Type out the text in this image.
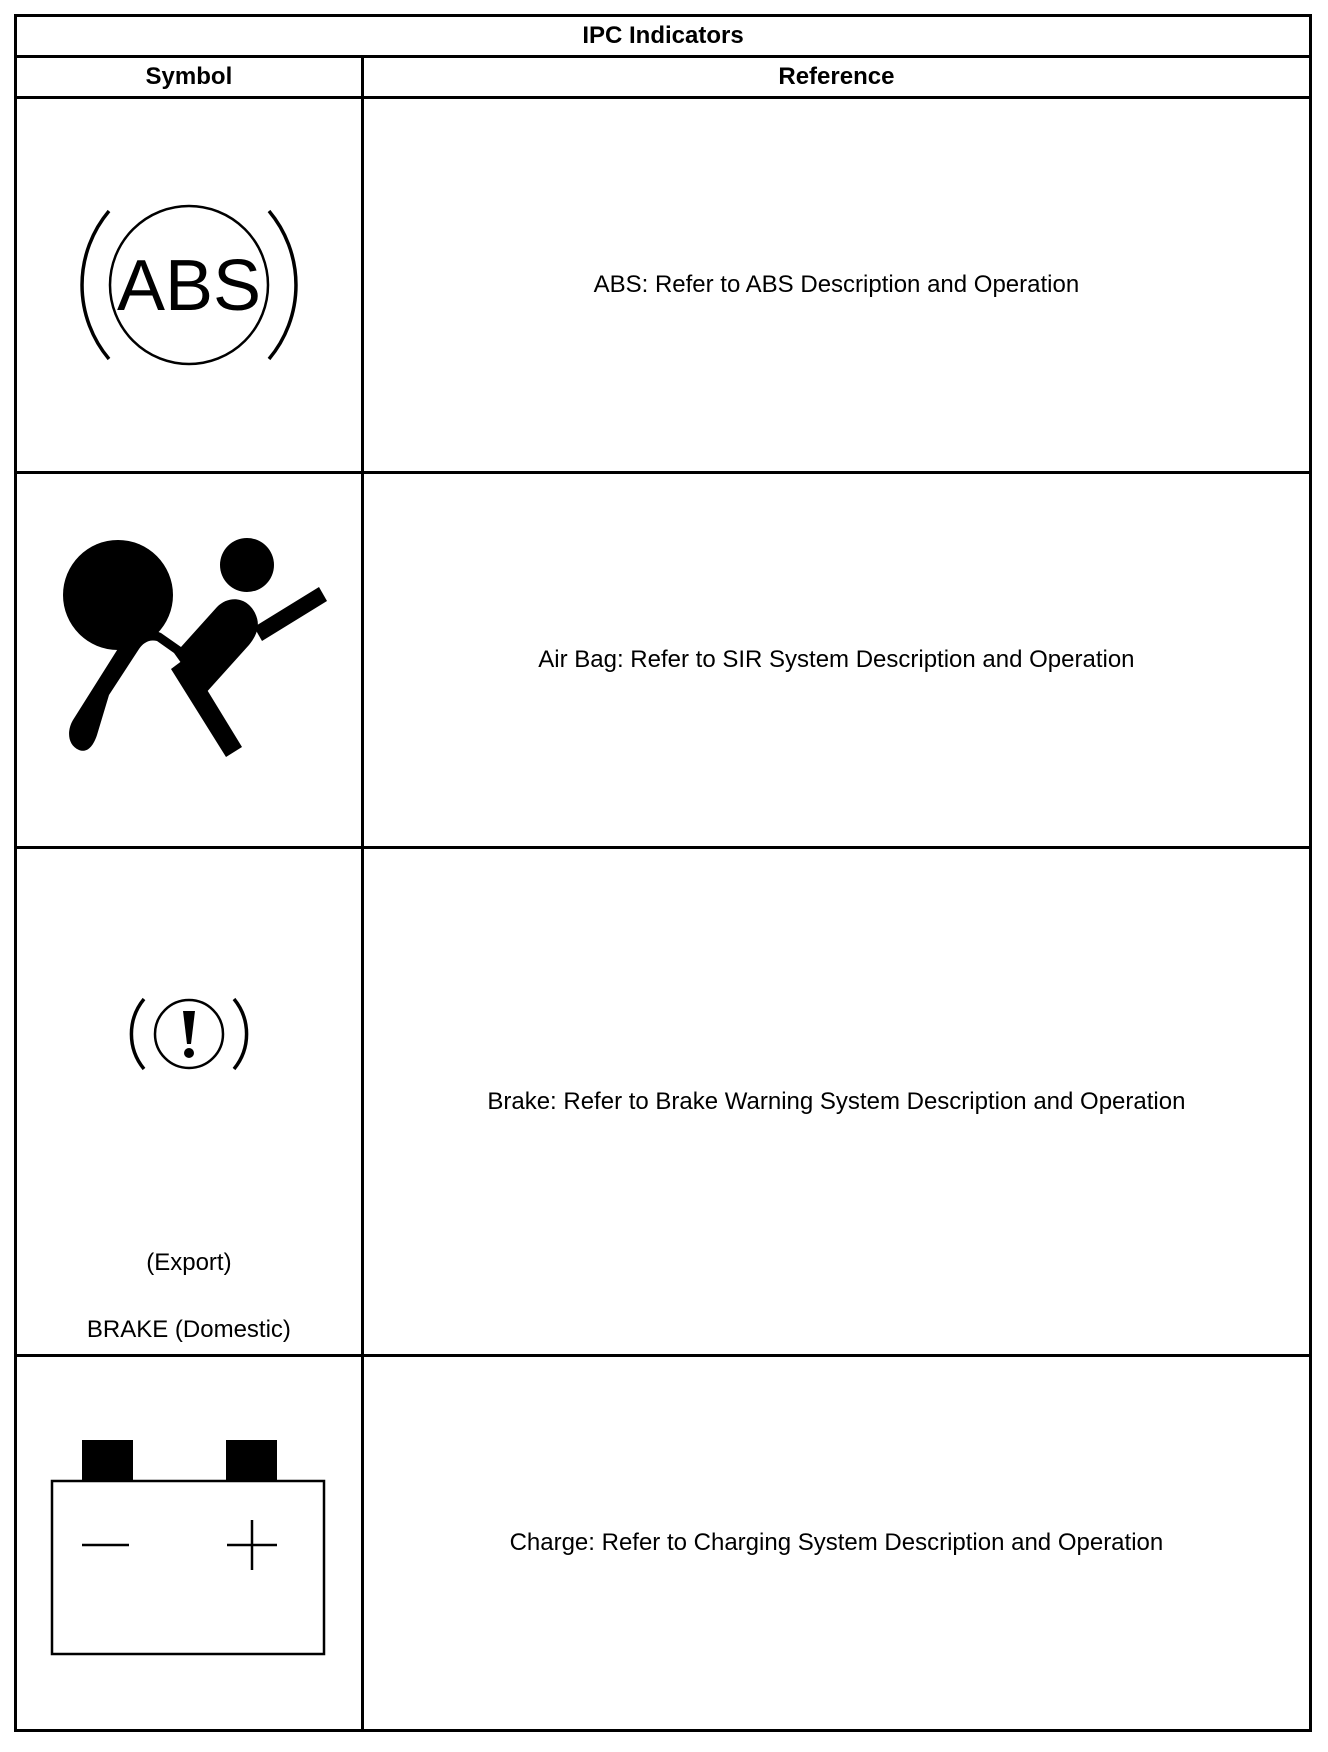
IPC Indicators	
Symbol	Reference

ABS	ABS: Refer to ABS Description and Operation

	Air Bag: Refer to SIR System Description and Operation

(Export)
BRAKE (Domestic)	Brake: Refer to Brake Warning System Description and Operation

	Charge: Refer to Charging System Description and Operation
